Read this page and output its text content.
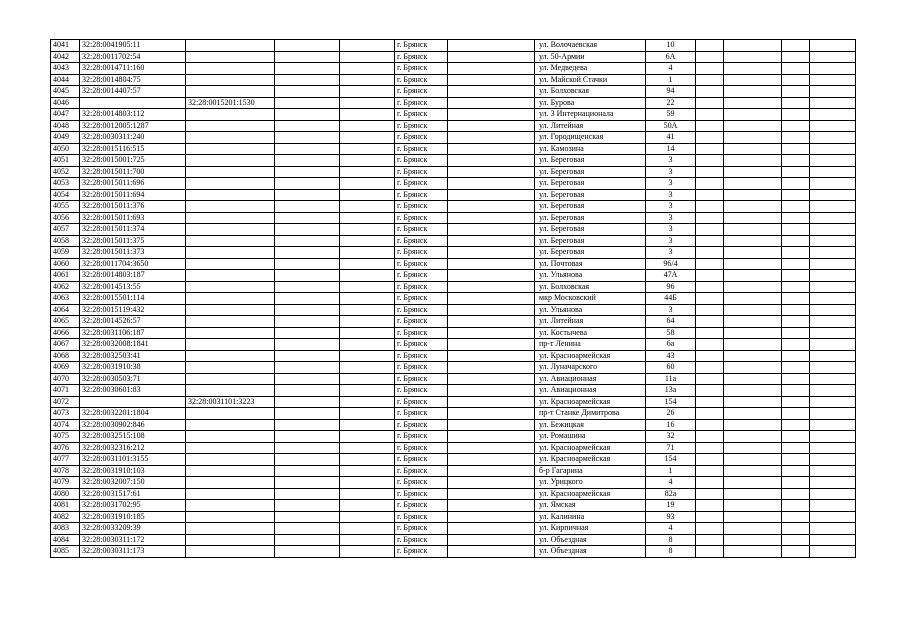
4041	32:28:0041905:11				г. Брянск		ул. Волочаевская	10				
4042	32:28:0011702:54				г. Брянск		ул. 50-Армии	6А				
4043	32:28:0014711:160				г. Брянск		ул. Медведева	4				
4044	32:28:0014804:75				г. Брянск		ул. Майской Стачки	1				
4045	32:28:0014407:57				г. Брянск		ул. Болховская	94				
4046		32:28:0015201:1530			г. Брянск		ул. Бурова	22				
4047	32:28:0014803:112				г. Брянск		ул. 3 Интернационала	59				
4048	32:28:0012005:1287				г. Брянск		ул. Литейная	50А				
4049	32:28:0030311:240				г. Брянск		ул. Городищенская	41				
4050	32:28:0015116:515				г. Брянск		ул. Камозина	14				
4051	32:28:0015001:725				г. Брянск		ул. Береговая	3				
4052	32:28:0015011:700				г. Брянск		ул. Береговая	3				
4053	32:28:0015011:696				г. Брянск		ул. Береговая	3				
4054	32:28:0015011:694				г. Брянск		ул. Береговая	3				
4055	32:28:0015011:376				г. Брянск		ул. Береговая	3				
4056	32:28:0015011:693				г. Брянск		ул. Береговая	3				
4057	32:28:0015011:374				г. Брянск		ул. Береговая	3				
4058	32:28:0015011:375				г. Брянск		ул. Береговая	3				
4059	32:28:0015011:373				г. Брянск		ул. Береговая	3				
4060	32:28:0011704:3650				г. Брянск		ул. Почтовая	96/4				
4061	32:28:0014803:187				г. Брянск		ул. Ульянова	47А				
4062	32:28:0014513:55				г. Брянск		ул. Болховская	96				
4063	32:28:0015501:114				г. Брянск		мкр Московский	44Б				
4064	32:28:0015119:432				г. Брянск		ул. Ульянова	3				
4065	32:28:0014526:57				г. Брянск		ул. Литейная	64				
4066	32:28:0031106:187				г. Брянск		ул. Костычева	58				
4067	32:28:0032008:1841				г. Брянск		пр-т Ленина	6а				
4068	32:28:0032503:41				г. Брянск		ул. Красноармейская	43				
4069	32:28:0031910:38				г. Брянск		ул. Луначарского	60				
4070	32:28:0030503:71				г. Брянск		ул. Авиационная	11а				
4071	32:28:0030601:83				г. Брянск		ул. Авиационная	13а				
4072		32:28:0031101:3223			г. Брянск		ул. Красноармейская	154				
4073	32:28:0032201:1804				г. Брянск		пр-т Станке Димитрова	26				
4074	32:28:0030902:846				г. Брянск		ул. Бежицкая	16				
4075	32:28:0032515:108				г. Брянск		ул. Ромашина	32				
4076	32:28:0032316:212				г. Брянск		ул. Красноармейская	71				
4077	32:28:0031101:3155				г. Брянск		ул. Красноармейская	154				
4078	32:28:0031910:103				г. Брянск		б-р Гагарина	1				
4079	32:28:0032007:150				г. Брянск		ул. Урицкого	4				
4080	32:28:0031517:61				г. Брянск		ул. Красноармейская	82а				
4081	32:28:0031702:95				г. Брянск		ул. Ямская	19				
4082	32:28:0031910:185				г. Брянск		ул. Калинина	93				
4083	32:28:0033209:39				г. Брянск		ул. Кирпичная	4				
4084	32:28:0030311:172				г. Брянск		ул. Объездная	8				
4085	32:28:0030311:173				г. Брянск		ул. Объездная	8				
